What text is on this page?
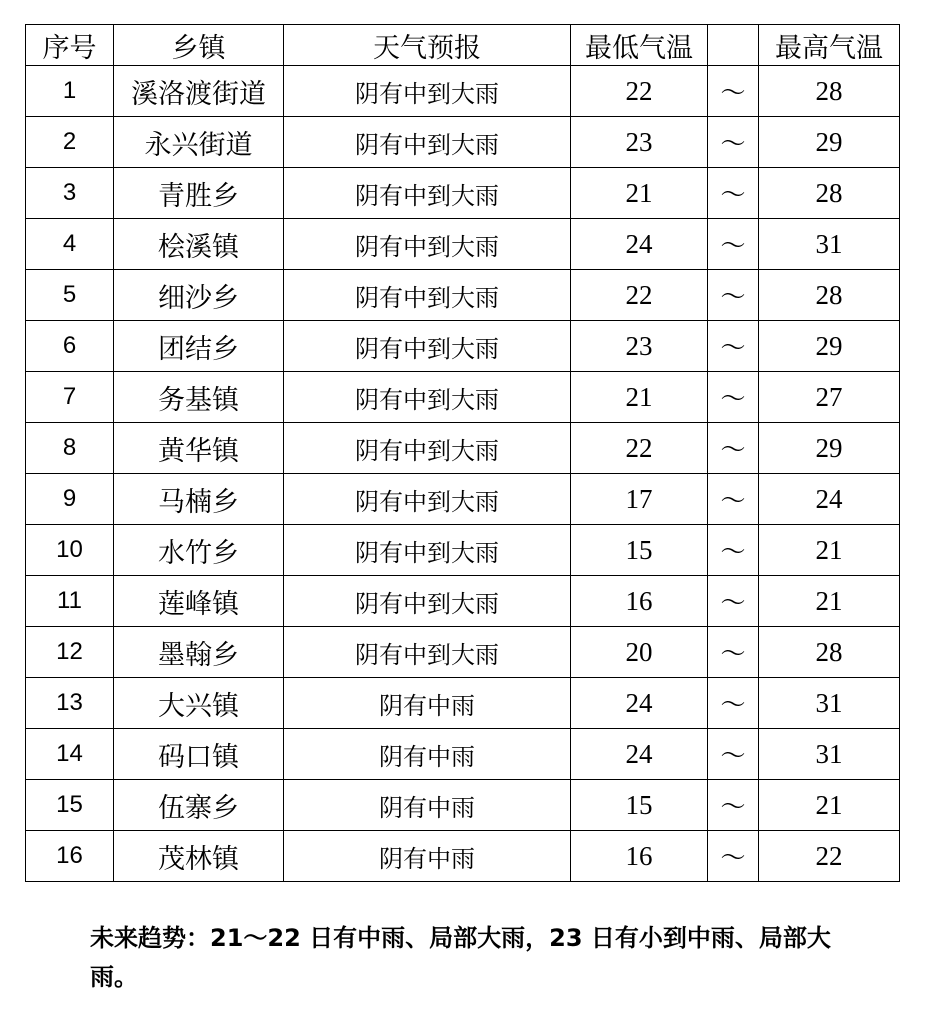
序号	乡镇	天气预报	最低气温		最高气温
1	溪洛渡街道	阴有中到大雨	22	～	28
2	永兴街道	阴有中到大雨	23	～	29
3	青胜乡	阴有中到大雨	21	～	28
4	桧溪镇	阴有中到大雨	24	～	31
5	细沙乡	阴有中到大雨	22	～	28
6	团结乡	阴有中到大雨	23	～	29
7	务基镇	阴有中到大雨	21	～	27
8	黄华镇	阴有中到大雨	22	～	29
9	马楠乡	阴有中到大雨	17	～	24
10	水竹乡	阴有中到大雨	15	～	21
11	莲峰镇	阴有中到大雨	16	～	21
12	墨翰乡	阴有中到大雨	20	～	28
13	大兴镇	阴有中雨	24	～	31
14	码口镇	阴有中雨	24	～	31
15	伍寨乡	阴有中雨	15	～	21
16	茂林镇	阴有中雨	16	～	22
未来趋势：21～22 日有中雨、局部大雨，23 日有小到中雨、局部大雨。
